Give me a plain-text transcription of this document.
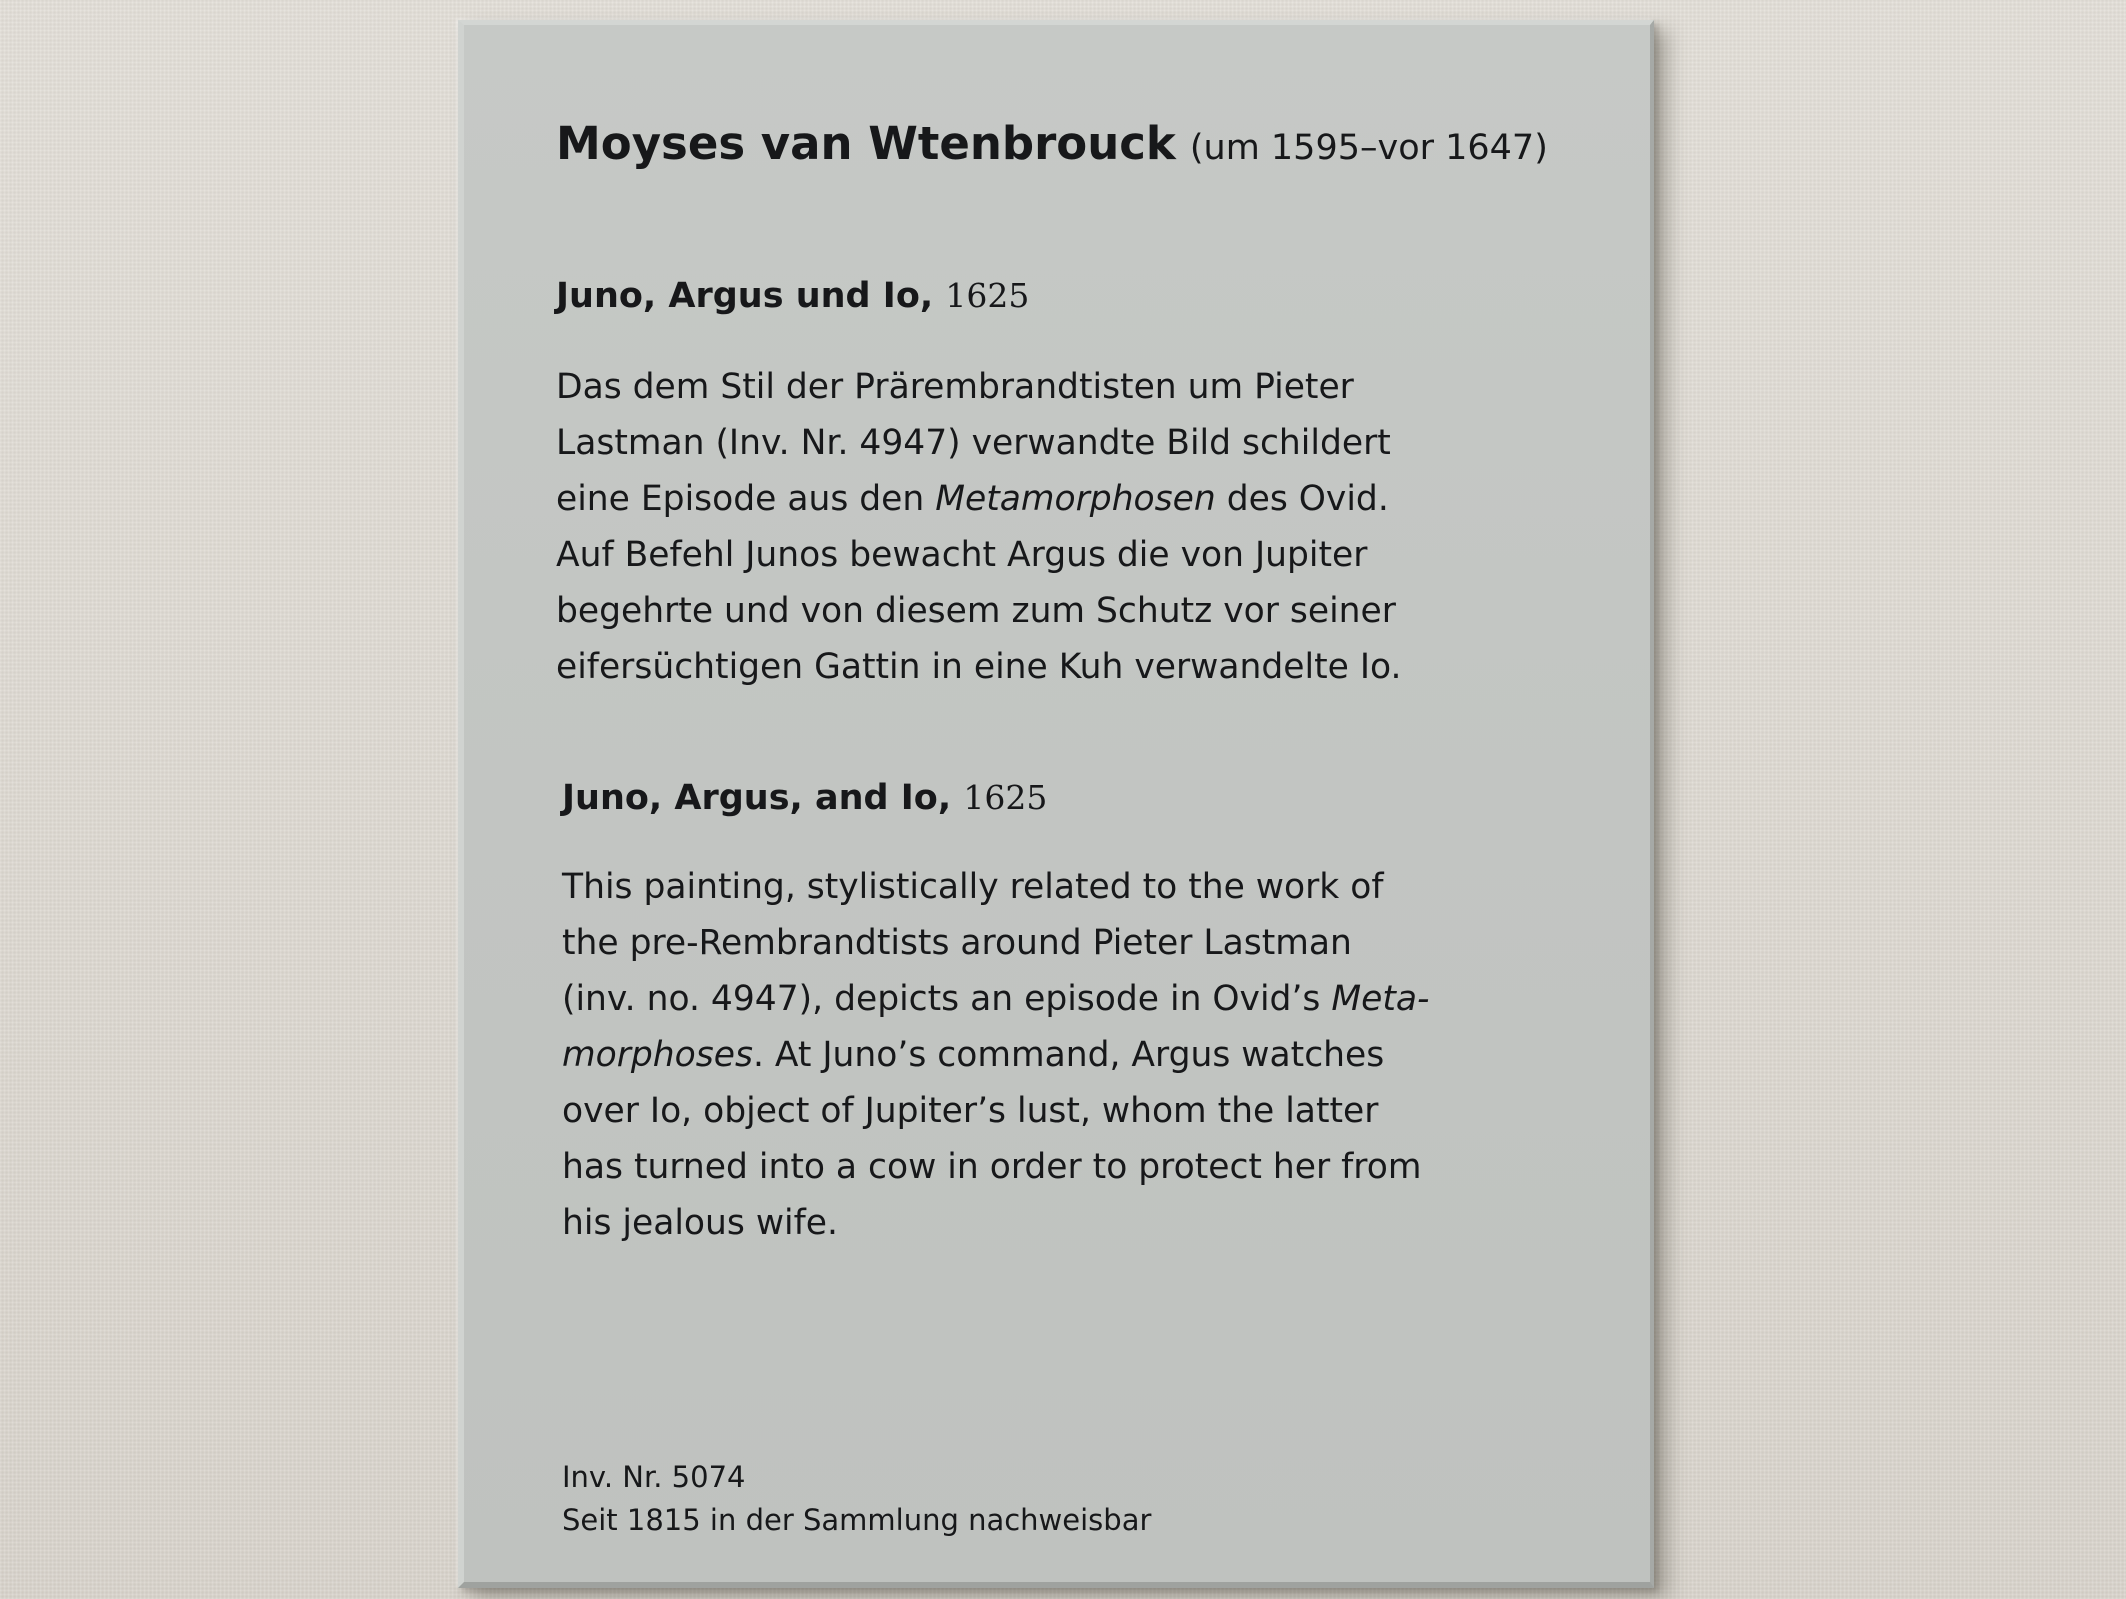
Moyses van Wtenbrouck (um 1595–vor 1647)
Juno, Argus und Io, 1625

Das dem Stil der Prärembrandtisten um Pieter
Lastman (Inv. Nr. 4947) verwandte Bild schildert
eine Episode aus den Metamorphosen des Ovid.
Auf Befehl Junos bewacht Argus die von Jupiter
begehrte und von diesem zum Schutz vor seiner
eifersüchtigen Gattin in eine Kuh verwandelte Io.

Juno, Argus, and Io, 1625

This painting, stylistically related to the work of
the pre-Rembrandtists around Pieter Lastman
(inv. no. 4947), depicts an episode in Ovid’s Meta-
morphoses. At Juno’s command, Argus watches
over Io, object of Jupiter’s lust, whom the latter
has turned into a cow in order to protect her from
his jealous wife.

Inv. Nr. 5074
Seit 1815 in der Sammlung nachweisbar
